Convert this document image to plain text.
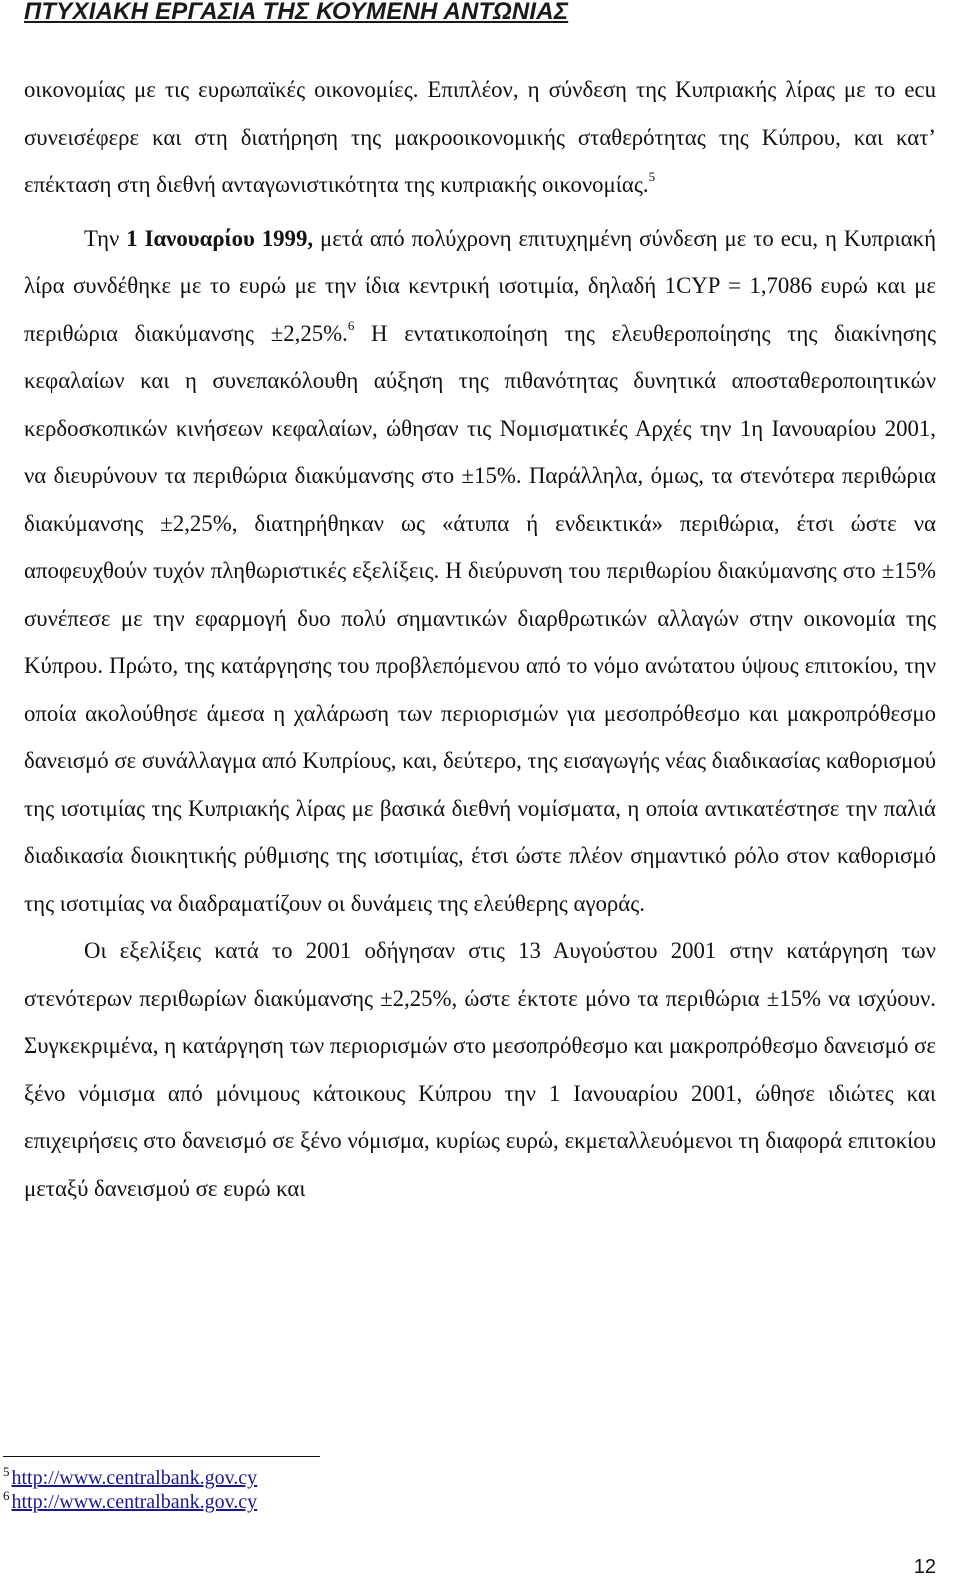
ΠΤΥΧΙΑΚΗ ΕΡΓΑΣΙΑ ΤΗΣ ΚΟΥΜΕΝΗ ΑΝΤΩΝΙΑΣ

οικονομίας με τις ευρωπαϊκές οικονομίες. Επιπλέον, η σύνδεση της Κυπριακής λίρας με το ecu συνεισέφερε και στη διατήρηση της μακροοικονομικής σταθερότητας της Κύπρου, και κατ’ επέκταση στη διεθνή ανταγωνιστικότητα της κυπριακής οικονομίας.$^5$

Την 1 Ιανουαρίου 1999, μετά από πολύχρονη επιτυχημένη σύνδεση με το ecu, η Κυπριακή λίρα συνδέθηκε με το ευρώ με την ίδια κεντρική ισοτιμία, δηλαδή 1CYP = 1,7086 ευρώ και με περιθώρια διακύμανσης ±2,25%.$^6$ Η εντατικοποίηση της ελευθεροποίησης της διακίνησης κεφαλαίων και η συνεπακόλουθη αύξηση της πιθανότητας δυνητικά αποσταθεροποιητικών κερδοσκοπικών κινήσεων κεφαλαίων, ώθησαν τις Νομισματικές Αρχές την 1η Ιανουαρίου 2001, να διευρύνουν τα περιθώρια διακύμανσης στο ±15%. Παράλληλα, όμως, τα στενότερα περιθώρια διακύμανσης ±2,25%, διατηρήθηκαν ως «άτυπα ή ενδεικτικά» περιθώρια, έτσι ώστε να αποφευχθούν τυχόν πληθωριστικές εξελίξεις. Η διεύρυνση του περιθωρίου διακύμανσης στο ±15% συνέπεσε με την εφαρμογή δυο πολύ σημαντικών διαρθρωτικών αλλαγών στην οικονομία της Κύπρου. Πρώτο, της κατάργησης του προβλεπόμενου από το νόμο ανώτατου ύψους επιτοκίου, την οποία ακολούθησε άμεσα η χαλάρωση των περιορισμών για μεσοπρόθεσμο και μακροπρόθεσμο δανεισμό σε συνάλλαγμα από Κυπρίους, και, δεύτερο, της εισαγωγής νέας διαδικασίας καθορισμού της ισοτιμίας της Κυπριακής λίρας με βασικά διεθνή νομίσματα, η οποία αντικατέστησε την παλιά διαδικασία διοικητικής ρύθμισης της ισοτιμίας, έτσι ώστε πλέον σημαντικό ρόλο στον καθορισμό της ισοτιμίας να διαδραματίζουν οι δυνάμεις της ελεύθερης αγοράς.

Οι εξελίξεις κατά το 2001 οδήγησαν στις 13 Αυγούστου 2001 στην κατάργηση των στενότερων περιθωρίων διακύμανσης ±2,25%, ώστε έκτοτε μόνο τα περιθώρια ±15% να ισχύουν. Συγκεκριμένα, η κατάργηση των περιορισμών στο μεσοπρόθεσμο και μακροπρόθεσμο δανεισμό σε ξένο νόμισμα από μόνιμους κάτοικους Κύπρου την 1 Ιανουαρίου 2001, ώθησε ιδιώτες και επιχειρήσεις στο δανεισμό σε ξένο νόμισμα, κυρίως ευρώ, εκμεταλλευόμενοι τη διαφορά επιτοκίου μεταξύ δανεισμού σε ευρώ και

$^5$ http://www.centralbank.gov.cy
$^6$ http://www.centralbank.gov.cy
12
